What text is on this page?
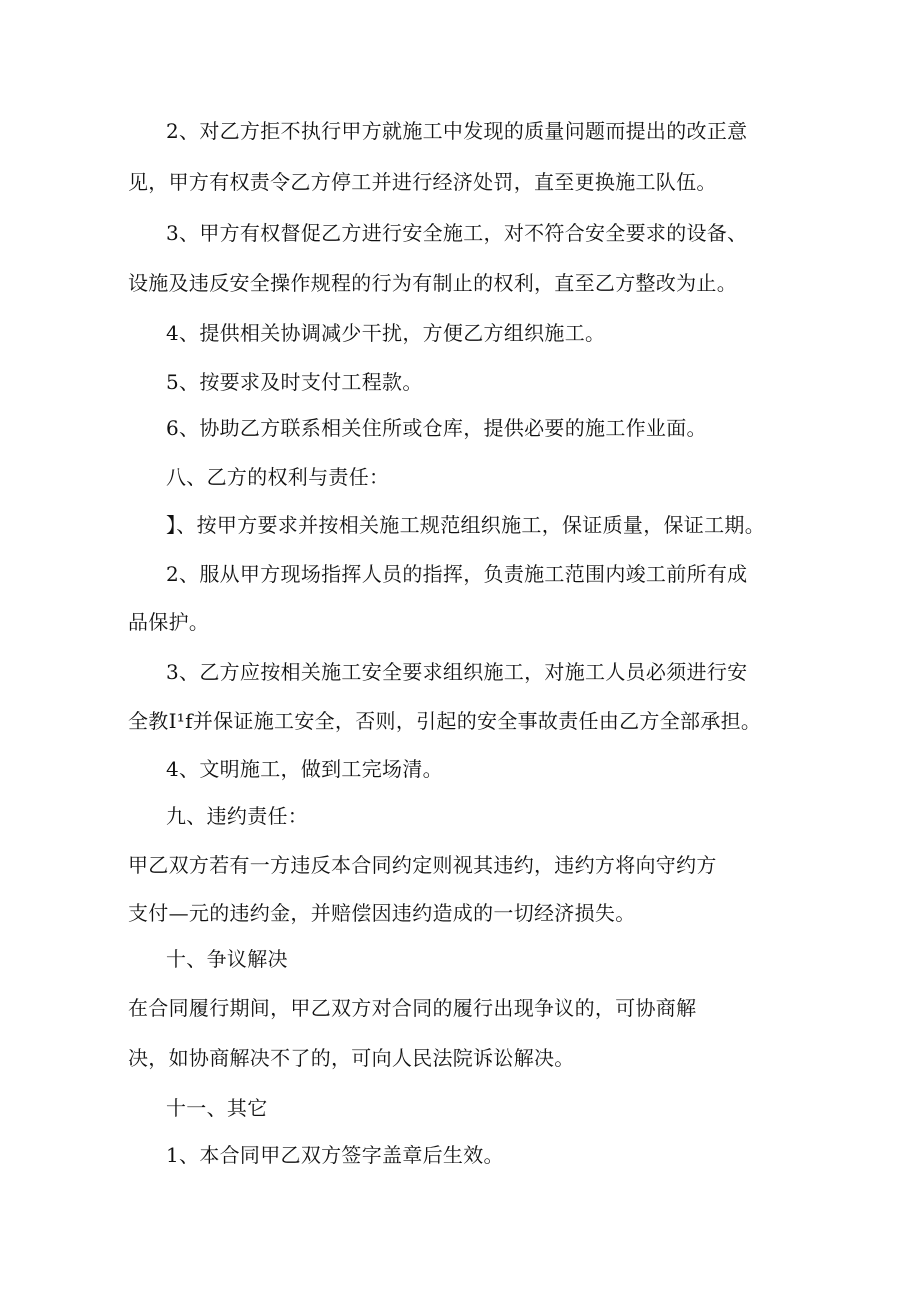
2、对乙方拒不执行甲方就施工中发现的质量问题而提出的改正意
见，甲方有权责令乙方停工并进行经济处罚，直至更换施工队伍。
3、甲方有权督促乙方进行安全施工，对不符合安全要求的设备、
设施及违反安全操作规程的行为有制止的权利，直至乙方整改为止。
4、提供相关协调减少干扰，方便乙方组织施工。
5、按要求及时支付工程款。
6、协助乙方联系相关住所或仓库，提供必要的施工作业面。
八、乙方的权利与责任：
】、按甲方要求并按相关施工规范组织施工，保证质量，保证工期。
2、服从甲方现场指挥人员的指挥，负责施工范围内竣工前所有成
品保护。
3、乙方应按相关施工安全要求组织施工，对施工人员必须进行安
全教I¹f并保证施工安全，否则，引起的安全事故责任由乙方全部承担。
4、文明施工，做到工完场清。
九、违约责任：
甲乙双方若有一方违反本合同约定则视其违约，违约方将向守约方
支付—元的违约金，并赔偿因违约造成的一切经济损失。
十、争议解决
在合同履行期间，甲乙双方对合同的履行出现争议的，可协商解
决，如协商解决不了的，可向人民法院诉讼解决。
十一、其它
1、本合同甲乙双方签字盖章后生效。
